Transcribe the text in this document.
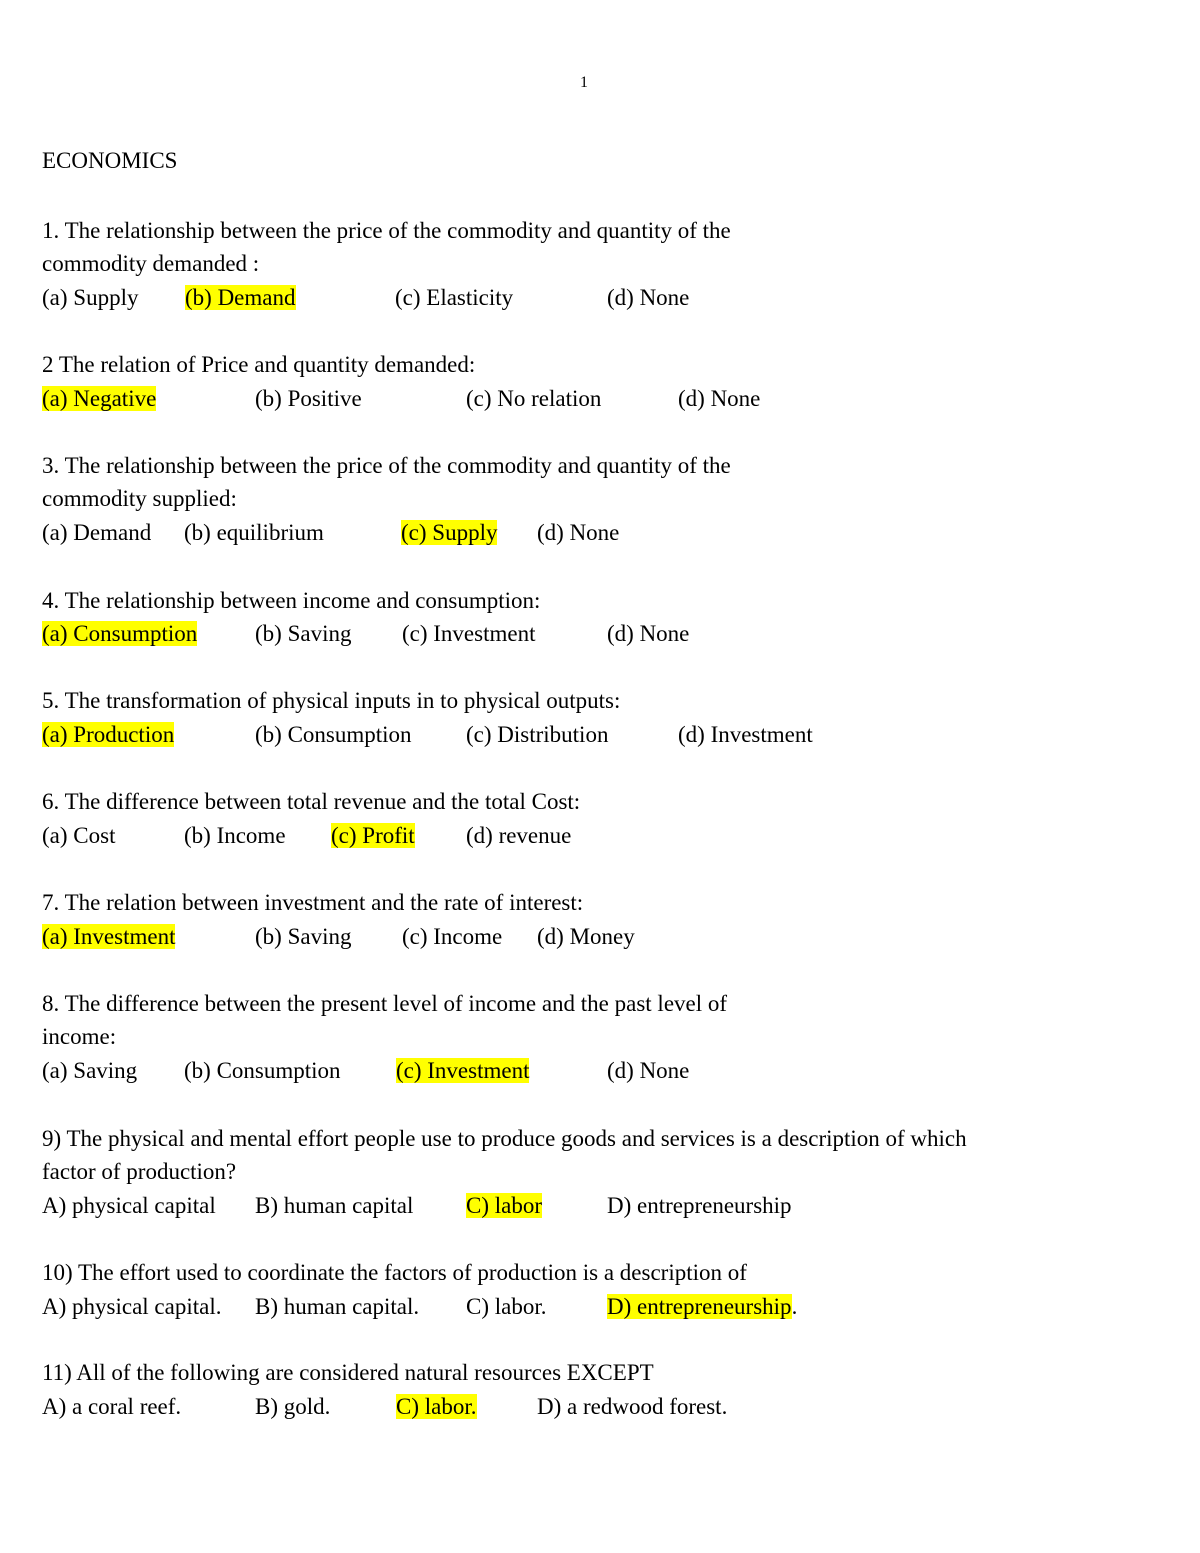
1
ECONOMICS
1. The relationship between the price of the commodity and quantity of the
commodity demanded :
(a) Supply (b) Demand	(c) Elasticity	(d) None
2 The relation of Price and quantity demanded:
(a) Negative	(b) Positive	(c) No relation	(d) None
3. The relationship between the price of the commodity and quantity of the
commodity supplied:
(a) Demand (b) equilibrium	(c) Supply (d) None
4. The relationship between income and consumption:
(a) Consumption	(b) Saving (c) Investment	(d) None
5. The transformation of physical inputs in to physical outputs:
(a) Production	(b) Consumption (c) Distribution	(d) Investment
6. The difference between total revenue and the total Cost:
(a) Cost	(b) Income (c) Profit (d) revenue
7. The relation between investment and the rate of interest:
(a) Investment	(b) Saving (c) Income (d) Money
8. The difference between the present level of income and the past level of
income:
(a) Saving (b) Consumption (c) Investment	(d) None
9) The physical and mental effort people use to produce goods and services is a description of which
factor of production?
A) physical capital B) human capital C) labor	D) entrepreneurship
10) The effort used to coordinate the factors of production is a description of
A) physical capital. B) human capital. C) labor.	D) entrepreneurship.
11) All of the following are considered natural resources EXCEPT
A) a coral reef.	B) gold.	C) labor.	D) a redwood forest.
